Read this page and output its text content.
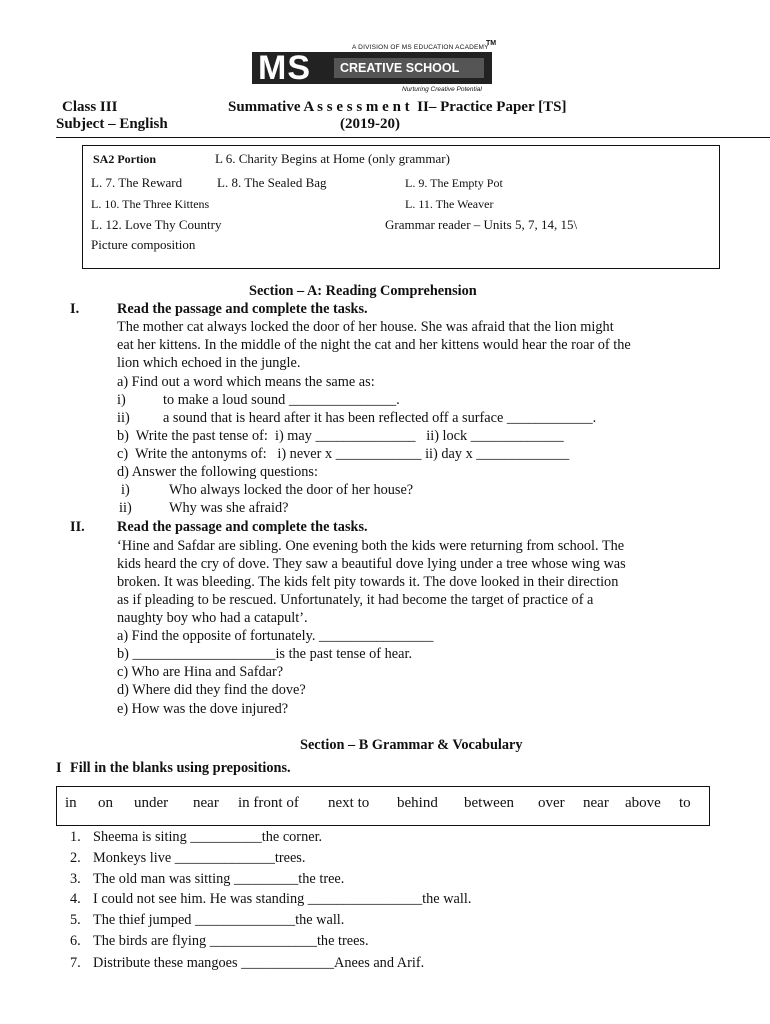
A DIVISION OF MS EDUCATION ACADEMY
TM
MS CREATIVE SCHOOL
Nurturing Creative Potential
Class III
Subject – English
Summative A s s e s s m e n t  II– Practice Paper [TS]
(2019-20)
SA2 Portion	L 6. Charity Begins at Home (only grammar)
L. 7. The Reward	L. 8. The Sealed Bag	L. 9. The Empty Pot
L. 10. The Three Kittens	L. 11. The Weaver
L. 12. Love Thy Country	Grammar reader – Units 5, 7, 14, 15\
Picture composition
Section – A: Reading Comprehension
I.	Read the passage and complete the tasks.
The mother cat always locked the door of her house. She was afraid that the lion might
eat her kittens. In the middle of the night the cat and her kittens would hear the roar of the
lion which echoed in the jungle.
a) Find out a word which means the same as:
i)	to make a loud sound _______________.
ii) a sound that is heard after it has been reflected off a surface ____________.
b)  Write the past tense of:  i) may ______________   ii) lock _____________
c)  Write the antonyms of:   i) never x ____________ ii) day x _____________
d) Answer the following questions:
i)	Who always locked the door of her house?
ii)	Why was she afraid?
II. Read the passage and complete the tasks.
‘Hine and Safdar are sibling. One evening both the kids were returning from school. The
kids heard the cry of dove. They saw a beautiful dove lying under a tree whose wing was
broken. It was bleeding. The kids felt pity towards it. The dove looked in their direction
as if pleading to be rescued. Unfortunately, it had become the target of practice of a
naughty boy who had a catapult’.
a) Find the opposite of fortunately. ________________
b) ____________________is the past tense of hear.
c) Who are Hina and Safdar?
d) Where did they find the dove?
e) How was the dove injured?
Section – B Grammar & Vocabulary
I Fill in the blanks using prepositions.
in on under near in front of next to behind between over near above to
1. Sheema is siting __________the corner.
2. Monkeys live ______________trees.
3. The old man was sitting _________the tree.
4. I could not see him. He was standing ________________the wall.
5. The thief jumped ______________the wall.
6. The birds are flying _______________the trees.
7. Distribute these mangoes _____________Anees and Arif.
